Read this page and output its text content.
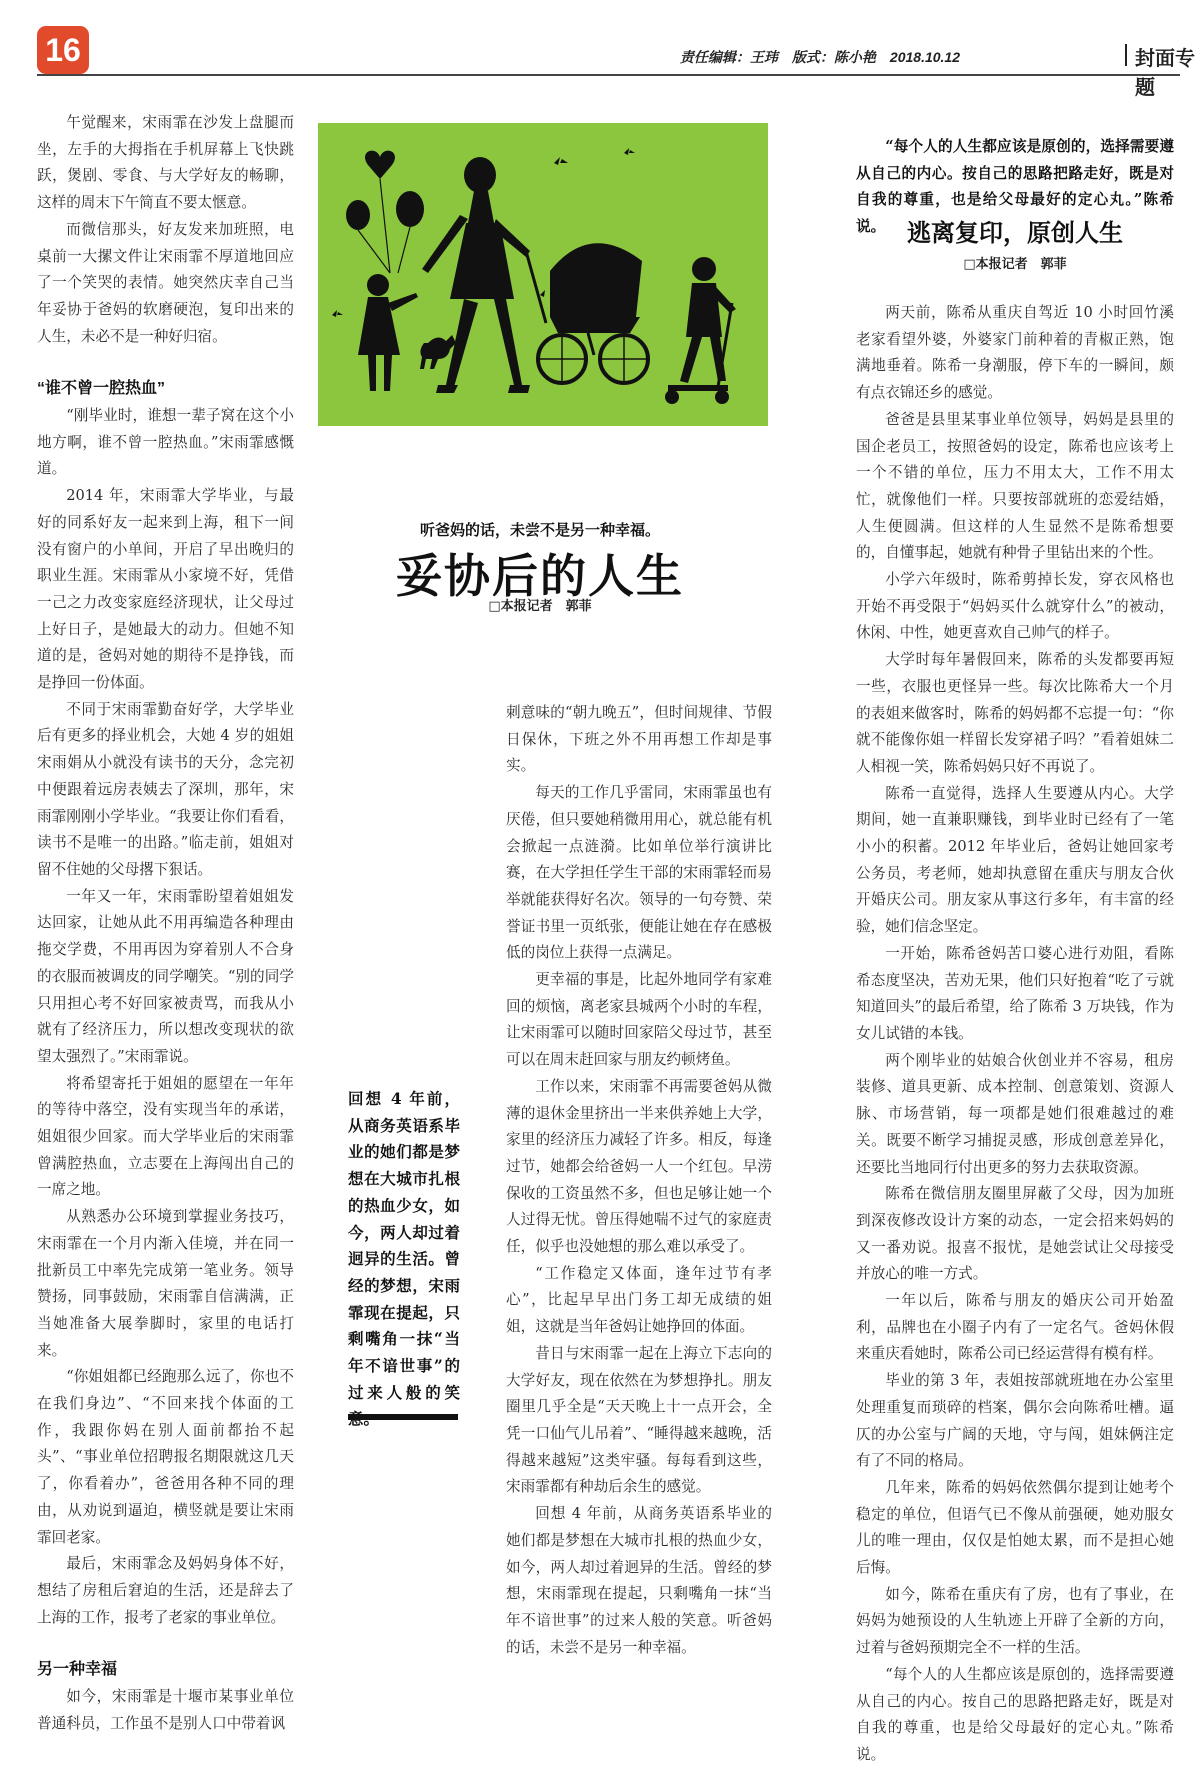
16	责任编辑：王玮　版式：陈小艳　2018.10.12	封面专题

午觉醒来，宋雨霏在沙发上盘腿而坐，左手的大拇指在手机屏幕上飞快跳跃，煲剧、零食、与大学好友的畅聊，这样的周末下午简直不要太惬意。

而微信那头，好友发来加班照，电桌前一大摞文件让宋雨霏不厚道地回应了一个笑哭的表情。她突然庆幸自己当年妥协于爸妈的软磨硬泡，复印出来的人生，未必不是一种好归宿。

“谁不曾一腔热血”

“刚毕业时，谁想一辈子窝在这个小地方啊，谁不曾一腔热血。”宋雨霏感慨道。

2014 年，宋雨霏大学毕业，与最好的同系好友一起来到上海，租下一间没有窗户的小单间，开启了早出晚归的职业生涯。宋雨霏从小家境不好，凭借一己之力改变家庭经济现状，让父母过上好日子，是她最大的动力。但她不知道的是，爸妈对她的期待不是挣钱，而是挣回一份体面。

不同于宋雨霏勤奋好学，大学毕业后有更多的择业机会，大她 4 岁的姐姐宋雨娟从小就没有读书的天分，念完初中便跟着远房表姨去了深圳，那年，宋雨霏刚刚小学毕业。“我要让你们看看，读书不是唯一的出路。”临走前，姐姐对留不住她的父母撂下狠话。

一年又一年，宋雨霏盼望着姐姐发达回家，让她从此不用再编造各种理由拖交学费，不用再因为穿着别人不合身的衣服而被调皮的同学嘲笑。“别的同学只用担心考不好回家被责骂，而我从小就有了经济压力，所以想改变现状的欲望太强烈了。”宋雨霏说。

将希望寄托于姐姐的愿望在一年年的等待中落空，没有实现当年的承诺，姐姐很少回家。而大学毕业后的宋雨霏曾满腔热血，立志要在上海闯出自己的一席之地。

从熟悉办公环境到掌握业务技巧，宋雨霏在一个月内渐入佳境，并在同一批新员工中率先完成第一笔业务。领导赞扬，同事鼓励，宋雨霏自信满满，正当她准备大展拳脚时，家里的电话打来。

“你姐姐都已经跑那么远了，你也不在我们身边”、“不回来找个体面的工作，我跟你妈在别人面前都抬不起头”、“事业单位招聘报名期限就这几天了，你看着办”，爸爸用各种不同的理由，从劝说到逼迫，横竖就是要让宋雨霏回老家。

最后，宋雨霏念及妈妈身体不好，想结了房租后窘迫的生活，还是辞去了上海的工作，报考了老家的事业单位。

另一种幸福

如今，宋雨霏是十堰市某事业单位普通科员，工作虽不是别人口中带着讽

听爸妈的话，未尝不是另一种幸福。
妥协后的人生
□本报记者　郭菲

刺意味的“朝九晚五”，但时间规律、节假日保休，下班之外不用再想工作却是事实。

每天的工作几乎雷同，宋雨霏虽也有厌倦，但只要她稍微用用心，就总能有机会掀起一点涟漪。比如单位举行演讲比赛，在大学担任学生干部的宋雨霏轻而易举就能获得好名次。领导的一句夸赞、荣誉证书里一页纸张，便能让她在存在感极低的岗位上获得一点满足。

更幸福的事是，比起外地同学有家难回的烦恼，离老家县城两个小时的车程，让宋雨霏可以随时回家陪父母过节，甚至可以在周末赶回家与朋友约顿烤鱼。

工作以来，宋雨霏不再需要爸妈从微薄的退休金里挤出一半来供养她上大学，家里的经济压力减轻了许多。相反，每逢过节，她都会给爸妈一人一个红包。早涝保收的工资虽然不多，但也足够让她一个人过得无忧。曾压得她喘不过气的家庭责任，似乎也没她想的那么难以承受了。

“工作稳定又体面，逢年过节有孝心”，比起早早出门务工却无成绩的姐姐，这就是当年爸妈让她挣回的体面。

昔日与宋雨霏一起在上海立下志向的大学好友，现在依然在为梦想挣扎。朋友圈里几乎全是“天天晚上十一点开会，全凭一口仙气儿吊着”、“睡得越来越晚，活得越来越短”这类牢骚。每每看到这些，宋雨霏都有种劫后余生的感觉。

回想 4 年前，从商务英语系毕业的她们都是梦想在大城市扎根的热血少女，如今，两人却过着迥异的生活。曾经的梦想，宋雨霏现在提起，只剩嘴角一抹“当年不谙世事”的过来人般的笑意。听爸妈的话，未尝不是另一种幸福。

回想 4 年前，从商务英语系毕业的她们都是梦想在大城市扎根的热血少女，如今，两人却过着迥异的生活。曾经的梦想，宋雨霏现在提起，只剩嘴角一抹“当年不谙世事”的过来人般的笑

“每个人的人生都应该是原创的，选择需要遵从自己的内心。按自己的思路把路走好，既是对自我的尊重，也是给父母最好的定心丸。”陈希说。 逃离复印，原创人生
□本报记者　郭菲

两天前，陈希从重庆自驾近 10 小时回竹溪老家看望外婆，外婆家门前种着的青椒正熟，饱满地垂着。陈希一身潮服，停下车的一瞬间，颇有点衣锦还乡的感觉。

爸爸是县里某事业单位领导，妈妈是县里的国企老员工，按照爸妈的设定，陈希也应该考上一个不错的单位，压力不用太大，工作不用太忙，就像他们一样。只要按部就班的恋爱结婚，人生便圆满。但这样的人生显然不是陈希想要的，自懂事起，她就有种骨子里钻出来的个性。

小学六年级时，陈希剪掉长发，穿衣风格也开始不再受限于“妈妈买什么就穿什么”的被动，休闲、中性，她更喜欢自己帅气的样子。

大学时每年暑假回来，陈希的头发都要再短一些，衣服也更怪异一些。每次比陈希大一个月的表姐来做客时，陈希的妈妈都不忘提一句：“你就不能像你姐一样留长发穿裙子吗？”看着姐妹二人相视一笑，陈希妈妈只好不再说了。

陈希一直觉得，选择人生要遵从内心。大学期间，她一直兼职赚钱，到毕业时已经有了一笔小小的积蓄。2012 年毕业后，爸妈让她回家考公务员，考老师，她却执意留在重庆与朋友合伙开婚庆公司。朋友家从事这行多年，有丰富的经验，她们信念坚定。

一开始，陈希爸妈苦口婆心进行劝阻，看陈希态度坚决，苦劝无果，他们只好抱着“吃了亏就知道回头”的最后希望，给了陈希 3 万块钱，作为女儿试错的本钱。

两个刚毕业的姑娘合伙创业并不容易，租房装修、道具更新、成本控制、创意策划、资源人脉、市场营销，每一项都是她们很难越过的难关。既要不断学习捕捉灵感，形成创意差异化，还要比当地同行付出更多的努力去获取资源。

陈希在微信朋友圈里屏蔽了父母，因为加班到深夜修改设计方案的动态，一定会招来妈妈的又一番劝说。报喜不报忧，是她尝试让父母接受并放心的唯一方式。

一年以后，陈希与朋友的婚庆公司开始盈利，品牌也在小圈子内有了一定名气。爸妈休假来重庆看她时，陈希公司已经运营得有模有样。

毕业的第 3 年，表姐按部就班地在办公室里处理重复而琐碎的档案，偶尔会向陈希吐槽。逼仄的办公室与广阔的天地，守与闯，姐妹俩注定有了不同的格局。

几年来，陈希的妈妈依然偶尔提到让她考个稳定的单位，但语气已不像从前强硬，她劝服女儿的唯一理由，仅仅是怕她太累，而不是担心她后悔。

如今，陈希在重庆有了房，也有了事业，在妈妈为她预设的人生轨迹上开辟了全新的方向，过着与爸妈预期完全不一样的生活。

“每个人的人生都应该是原创的，选择需要遵从自己的内心。按自己的思路把路走好，既是对自我的尊重，也是给父母最好的定心丸。”陈希说。
